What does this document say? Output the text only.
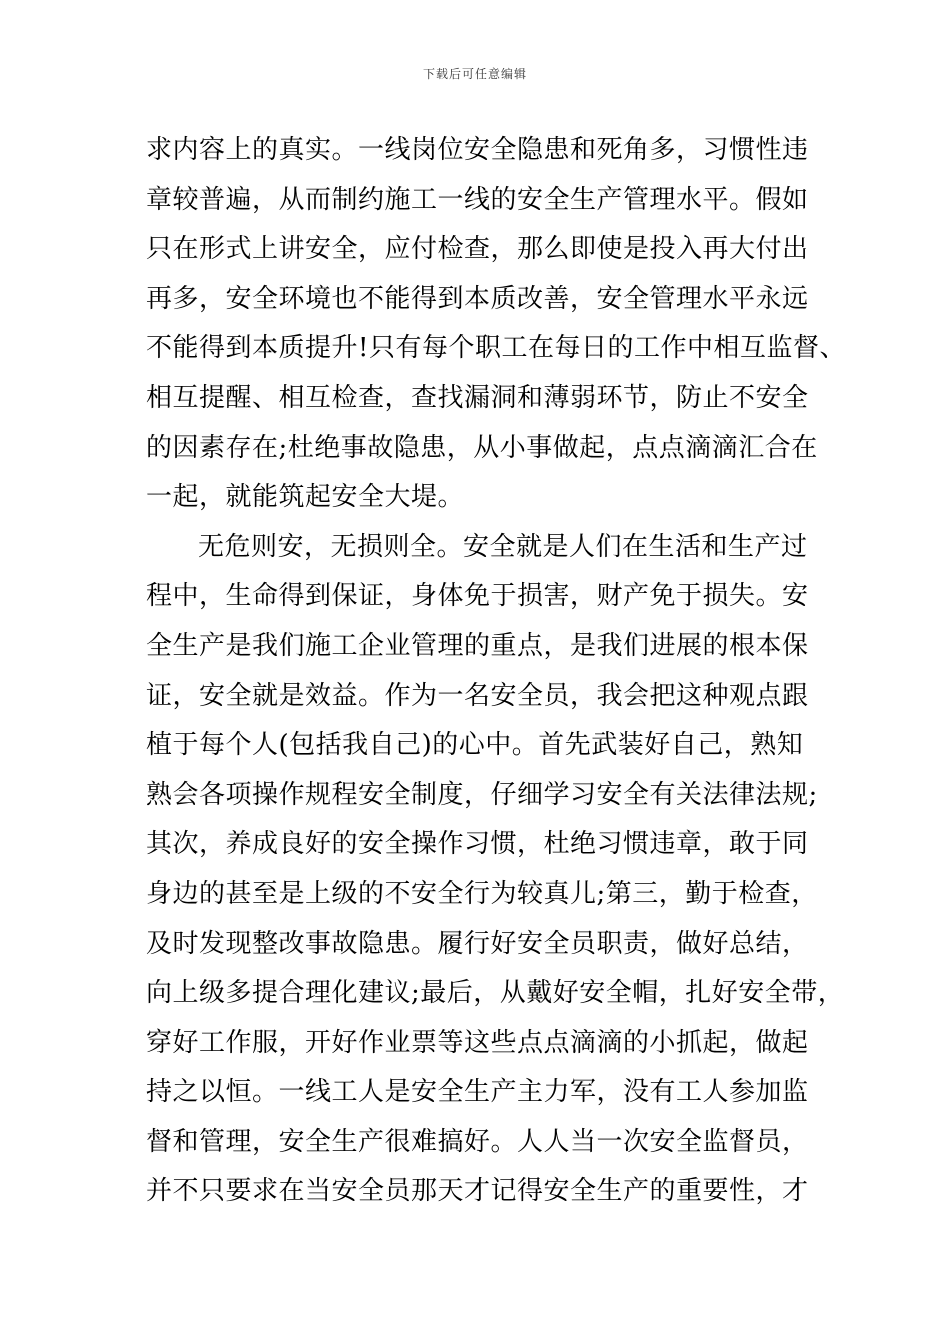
下载后可任意编辑
求内容上的真实。一线岗位安全隐患和死角多，习惯性违
章较普遍，从而制约施工一线的安全生产管理水平。假如
只在形式上讲安全，应付检查，那么即使是投入再大付出
再多，安全环境也不能得到本质改善，安全管理水平永远
不能得到本质提升!只有每个职工在每日的工作中相互监督、
相互提醒、相互检查，查找漏洞和薄弱环节，防止不安全
的因素存在;杜绝事故隐患，从小事做起，点点滴滴汇合在
一起，就能筑起安全大堤。
无危则安，无损则全。安全就是人们在生活和生产过
程中，生命得到保证，身体免于损害，财产免于损失。安
全生产是我们施工企业管理的重点，是我们进展的根本保
证，安全就是效益。作为一名安全员，我会把这种观点跟
植于每个人(包括我自己)的心中。首先武装好自己，熟知
熟会各项操作规程安全制度，仔细学习安全有关法律法规;
其次，养成良好的安全操作习惯，杜绝习惯违章，敢于同
身边的甚至是上级的不安全行为较真儿;第三，勤于检查，
及时发现整改事故隐患。履行好安全员职责，做好总结，
向上级多提合理化建议;最后，从戴好安全帽，扎好安全带，
穿好工作服，开好作业票等这些点点滴滴的小抓起，做起
持之以恒。一线工人是安全生产主力军，没有工人参加监
督和管理，安全生产很难搞好。人人当一次安全监督员，
并不只要求在当安全员那天才记得安全生产的重要性，才
